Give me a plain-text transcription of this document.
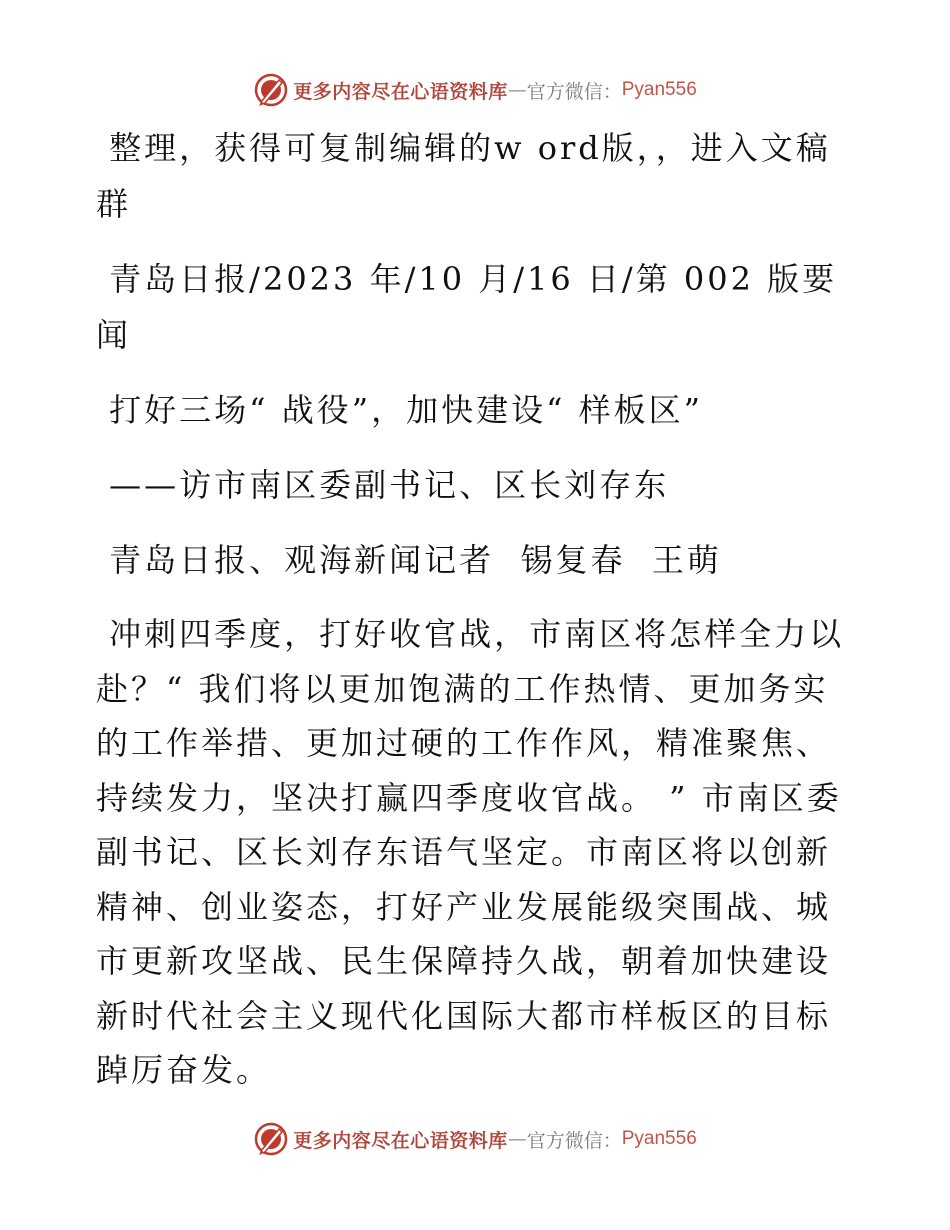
更多内容尽在心语资料库 — 官方微信： Pyan556

整理，获得可复制编辑的w ord版，，进入文稿群

青岛日报/2023 年/10 月/16 日/第 002 版要闻

打好三场“ 战役”，加快建设“ 样板区”

——访市南区委副书记、区长刘存东

青岛日报、观海新闻记者  锡复春  王萌

冲刺四季度，打好收官战，市南区将怎样全力以赴？“ 我们将以更加饱满的工作热情、更加务实的工作举措、更加过硬的工作作风，精准聚焦、持续发力，坚决打赢四季度收官战。 ” 市南区委副书记、区长刘存东语气坚定。市南区将以创新精神、创业姿态，打好产业发展能级突围战、城市更新攻坚战、民生保障持久战，朝着加快建设新时代社会主义现代化国际大都市样板区的目标踔厉奋发。

更多内容尽在心语资料库 — 官方微信： Pyan556
